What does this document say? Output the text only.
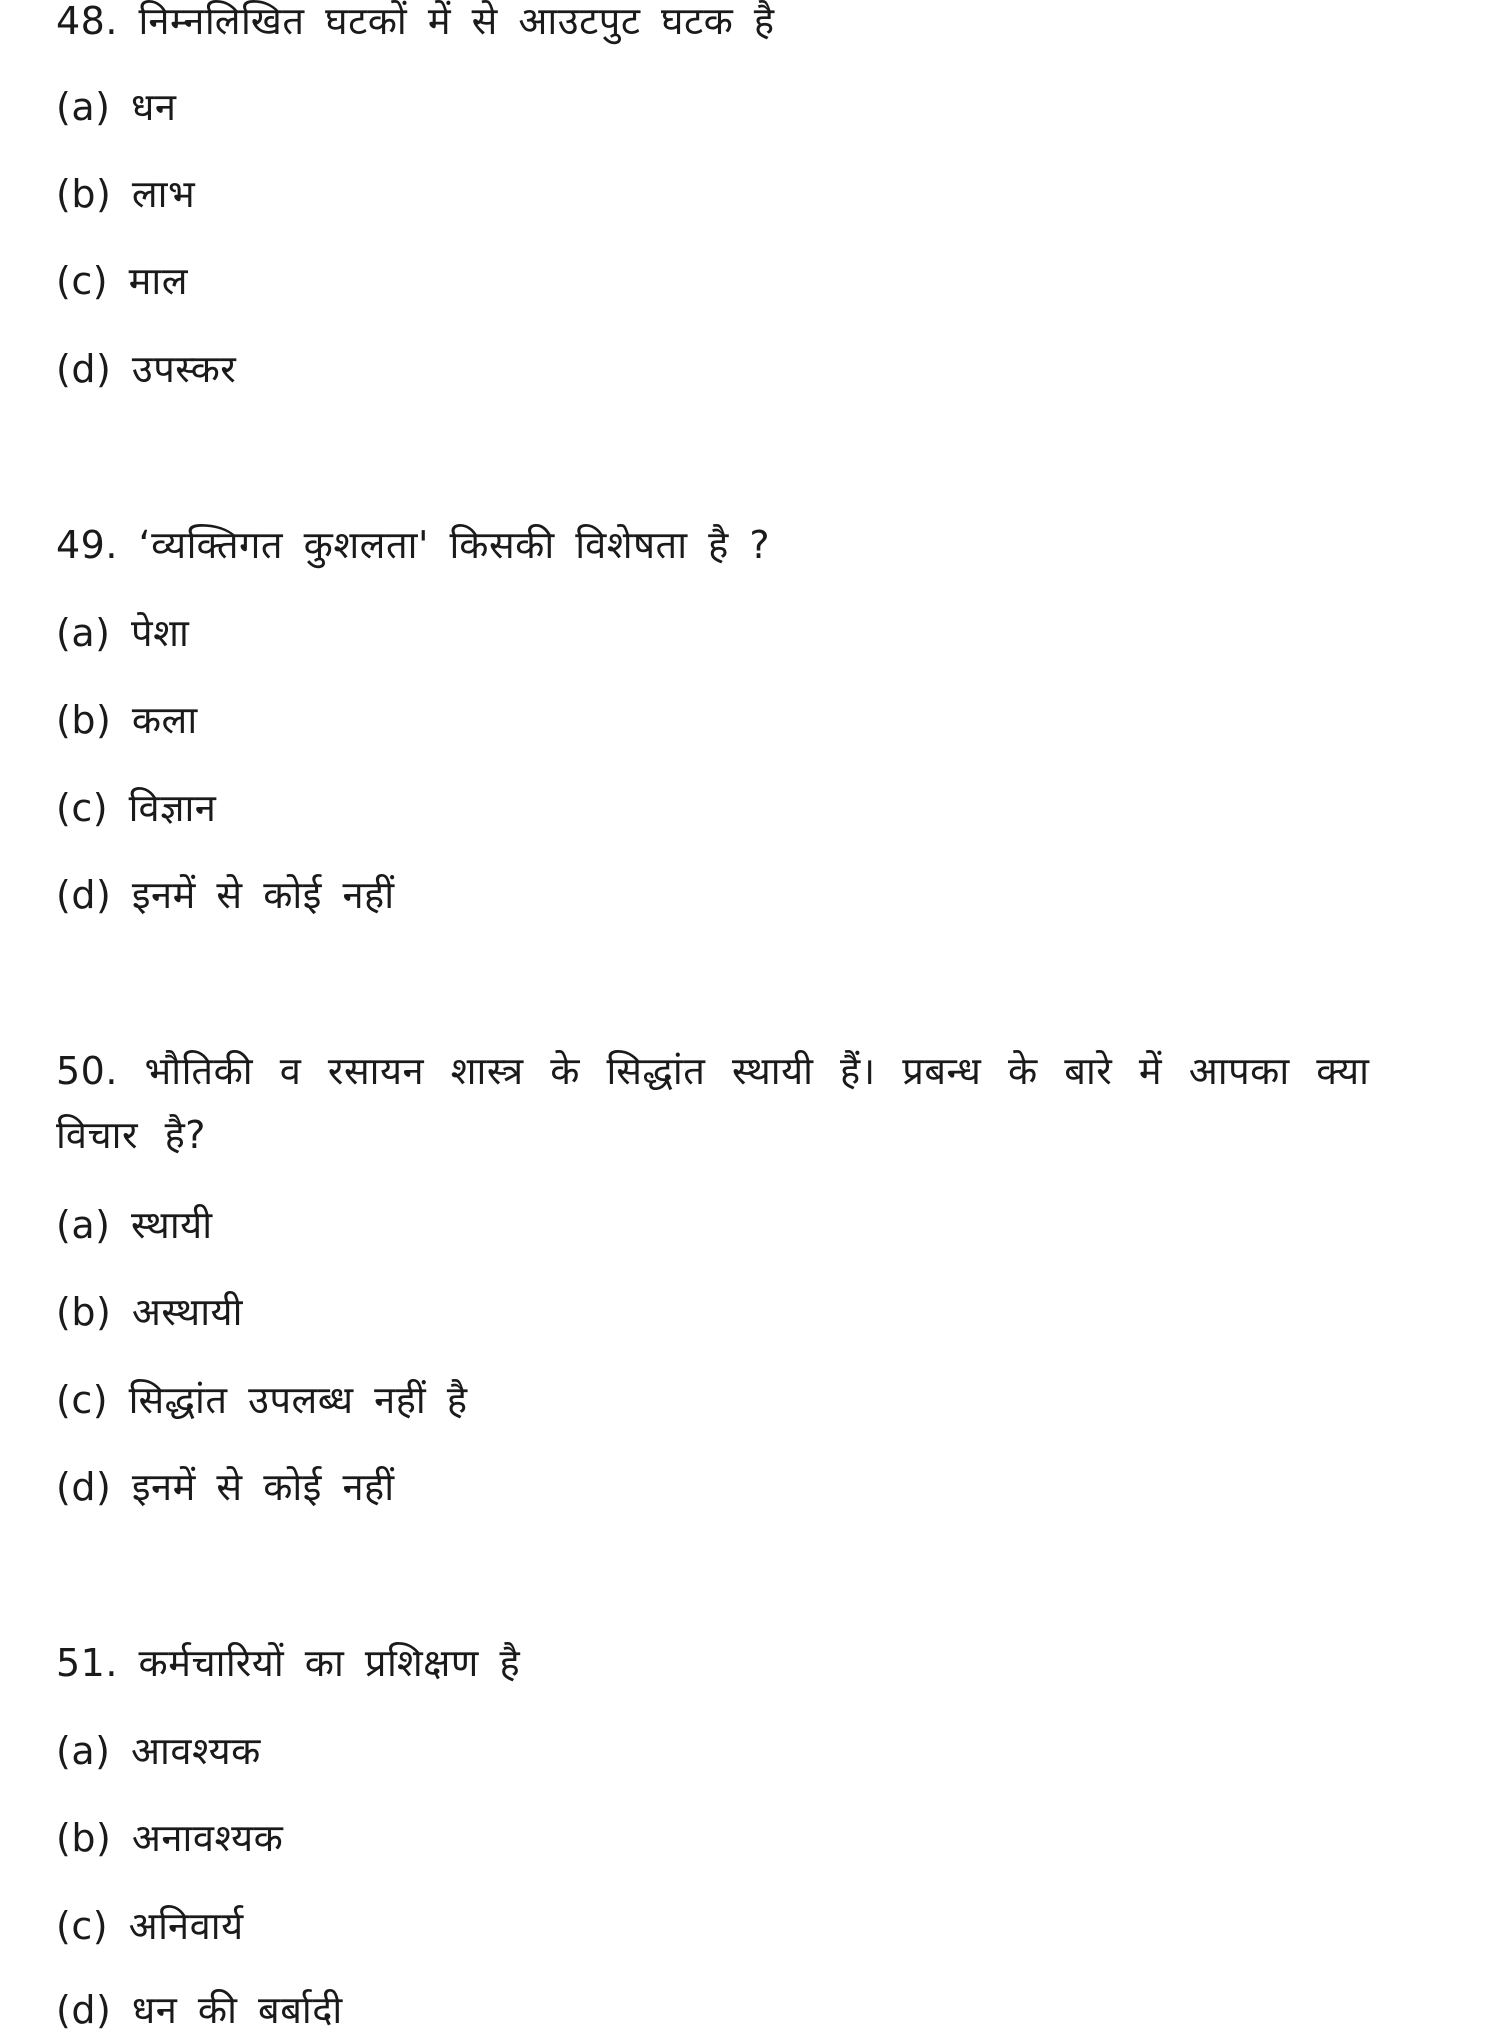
48. निम्नलिखित घटकों में से आउटपुट घटक है
(a) धन
(b) लाभ
(c) माल
(d) उपस्कर
49. ‘व्यक्तिगत कुशलता' किसकी विशेषता है ?
(a) पेशा
(b) कला
(c) विज्ञान
(d) इनमें से कोई नहीं
50. भौतिकी व रसायन शास्त्र के सिद्धांत स्थायी हैं। प्रबन्ध के बारे में आपका क्या विचार है?
(a) स्थायी
(b) अस्थायी
(c) सिद्धांत उपलब्ध नहीं है
(d) इनमें से कोई नहीं
51. कर्मचारियों का प्रशिक्षण है
(a) आवश्यक
(b) अनावश्यक
(c) अनिवार्य
(d) धन की बर्बादी
